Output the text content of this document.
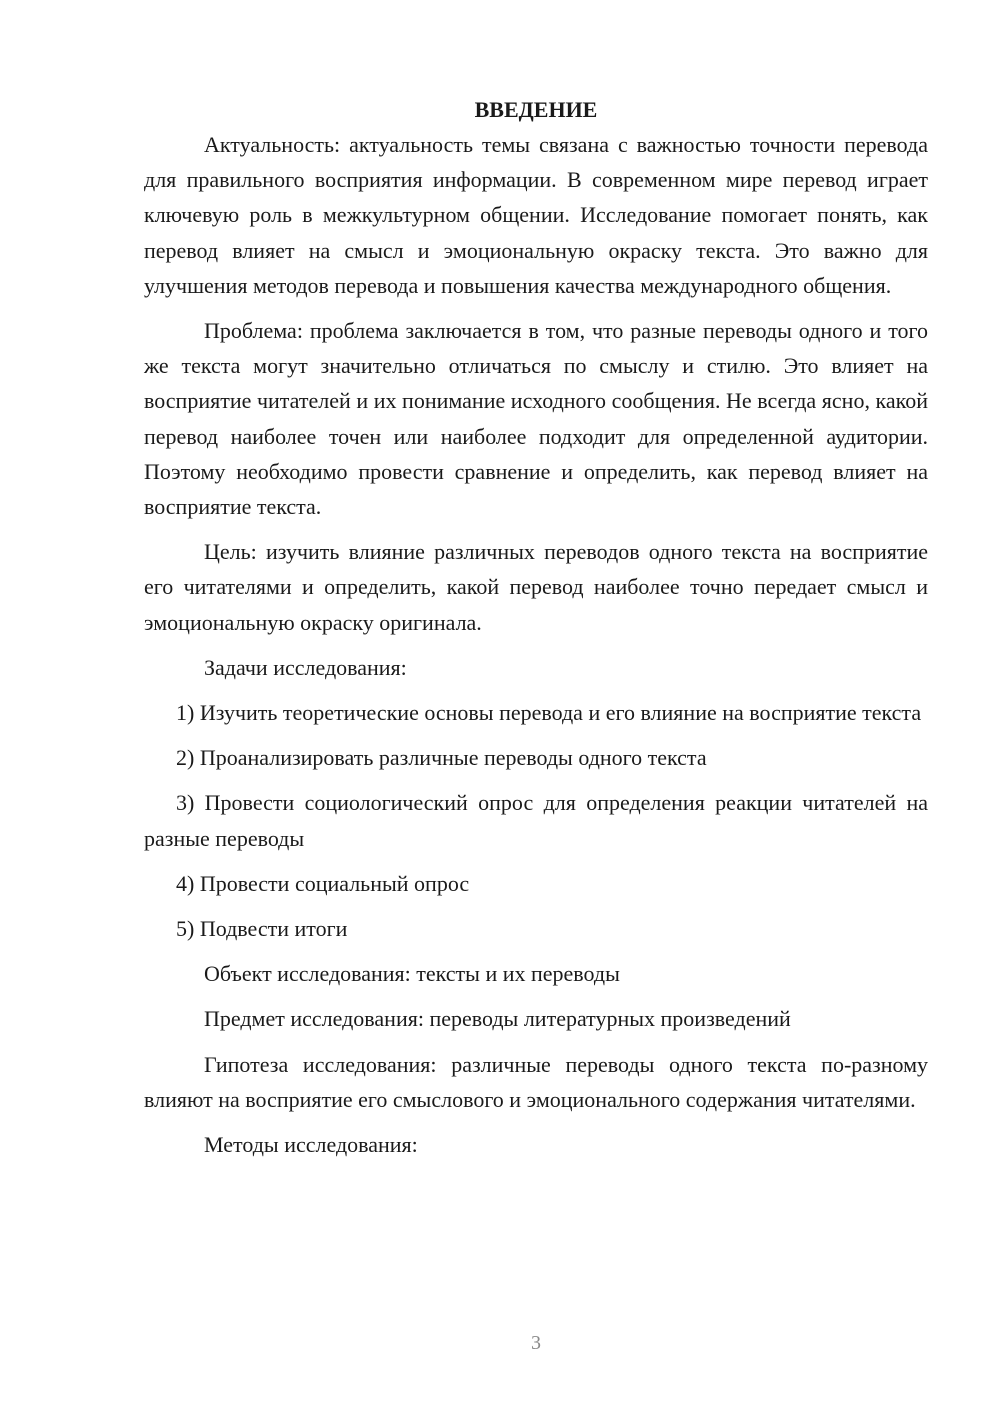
ВВЕДЕНИЕ

Актуальность: актуальность темы связана с важностью точности перевода для правильного восприятия информации. В современном мире перевод играет ключевую роль в межкультурном общении. Исследование помогает понять, как перевод влияет на смысл и эмоциональную окраску текста. Это важно для улучшения методов перевода и повышения качества международного общения.

Проблема: проблема заключается в том, что разные переводы одного и того же текста могут значительно отличаться по смыслу и стилю. Это влияет на восприятие читателей и их понимание исходного сообщения. Не всегда ясно, какой перевод наиболее точен или наиболее подходит для определенной аудитории. Поэтому необходимо провести сравнение и определить, как перевод влияет на восприятие текста.

Цель: изучить влияние различных переводов одного текста на восприятие его читателями и определить, какой перевод наиболее точно передает смысл и эмоциональную окраску оригинала.

Задачи исследования:

1) Изучить теоретические основы перевода и его влияние на восприятие текста

2) Проанализировать различные переводы одного текста

3) Провести социологический опрос для определения реакции читателей на разные переводы

4) Провести социальный опрос

5) Подвести итоги

Объект исследования: тексты и их переводы

Предмет исследования: переводы литературных произведений

Гипотеза исследования: различные переводы одного текста по-разному влияют на восприятие его смыслового и эмоционального содержания читателями.

Методы исследования:

3
